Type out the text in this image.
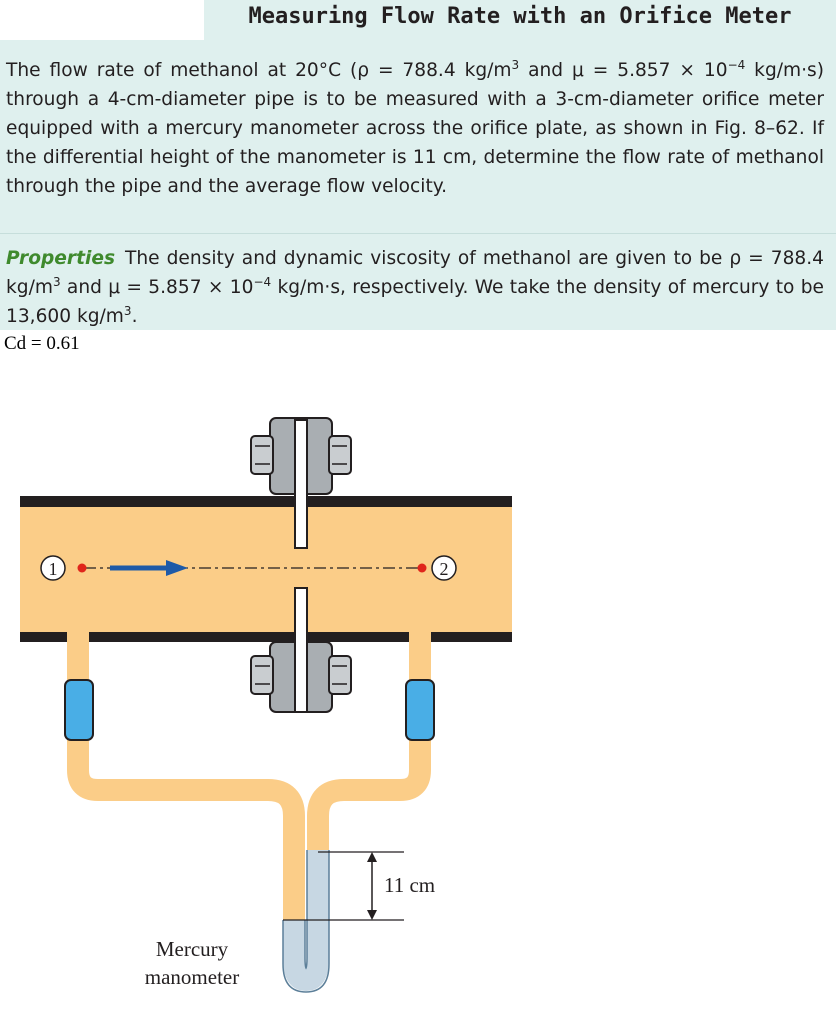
Measuring Flow Rate with an Orifice Meter
The flow rate of methanol at 20°C (ρ = 788.4 $kg/m^3$ and $\mu = 5.857 \times 10^{-4}$ kg/m·s) through a 4-cm-diameter pipe is to be measured with a 3-cm-diameter orifice meter equipped with a mercury manometer across the orifice plate, as shown in Fig. 8–62. If the differential height of the manometer is 11 cm, determine the flow rate of methanol through the pipe and the average flow velocity.
Properties The density and dynamic viscosity of methanol are given to be ρ = 788.4 $kg/m^3$ and $\mu = 5.857 \times 10^{-4}$ kg/m·s, respectively. We take the density of mercury to be 13,600 $kg/m^3$.
Cd = 0.61
1	2
11 cm
Mercury
manometer
